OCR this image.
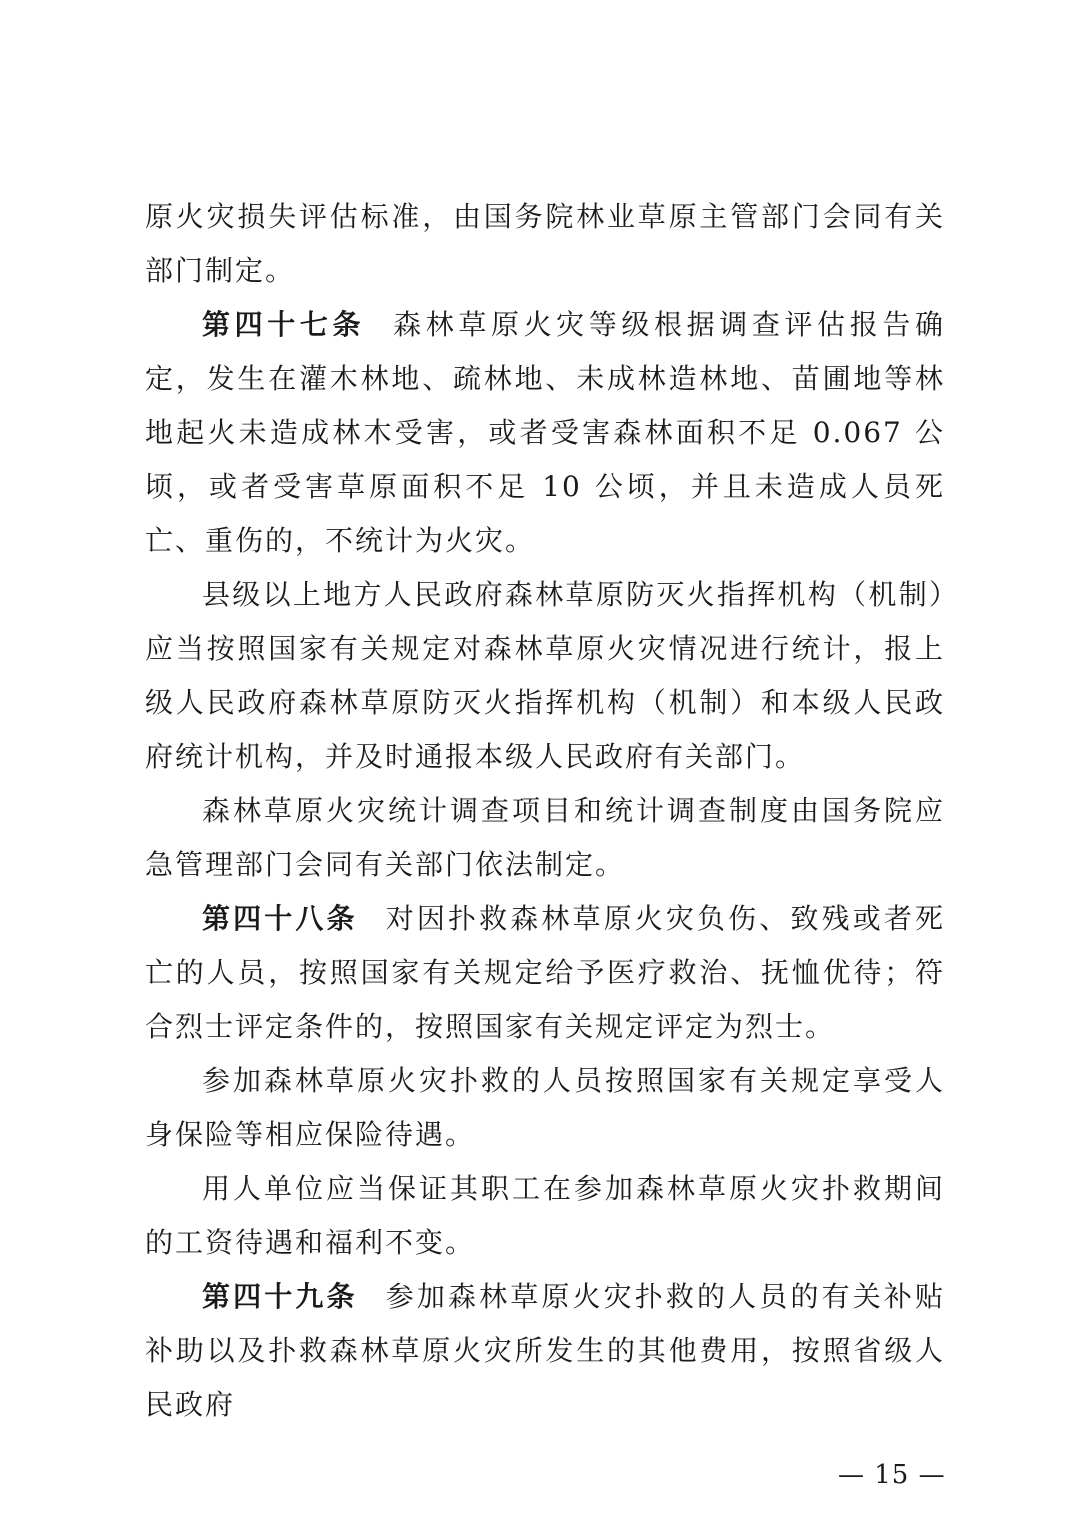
原火灾损失评估标准，由国务院林业草原主管部门会同有关部门制定。

第四十七条 森林草原火灾等级根据调查评估报告确定，发生在灌木林地、疏林地、未成林造林地、苗圃地等林地起火未造成林木受害，或者受害森林面积不足 0.067 公顷，或者受害草原面积不足 10 公顷，并且未造成人员死亡、重伤的，不统计为火灾。

县级以上地方人民政府森林草原防灭火指挥机构（机制）应当按照国家有关规定对森林草原火灾情况进行统计，报上级人民政府森林草原防灭火指挥机构（机制）和本级人民政府统计机构，并及时通报本级人民政府有关部门。

森林草原火灾统计调查项目和统计调查制度由国务院应急管理部门会同有关部门依法制定。

第四十八条 对因扑救森林草原火灾负伤、致残或者死亡的人员，按照国家有关规定给予医疗救治、抚恤优待；符合烈士评定条件的，按照国家有关规定评定为烈士。

参加森林草原火灾扑救的人员按照国家有关规定享受人身保险等相应保险待遇。

用人单位应当保证其职工在参加森林草原火灾扑救期间的工资待遇和福利不变。

第四十九条 参加森林草原火灾扑救的人员的有关补贴补助以及扑救森林草原火灾所发生的其他费用，按照省级人民政府

— 15 —
